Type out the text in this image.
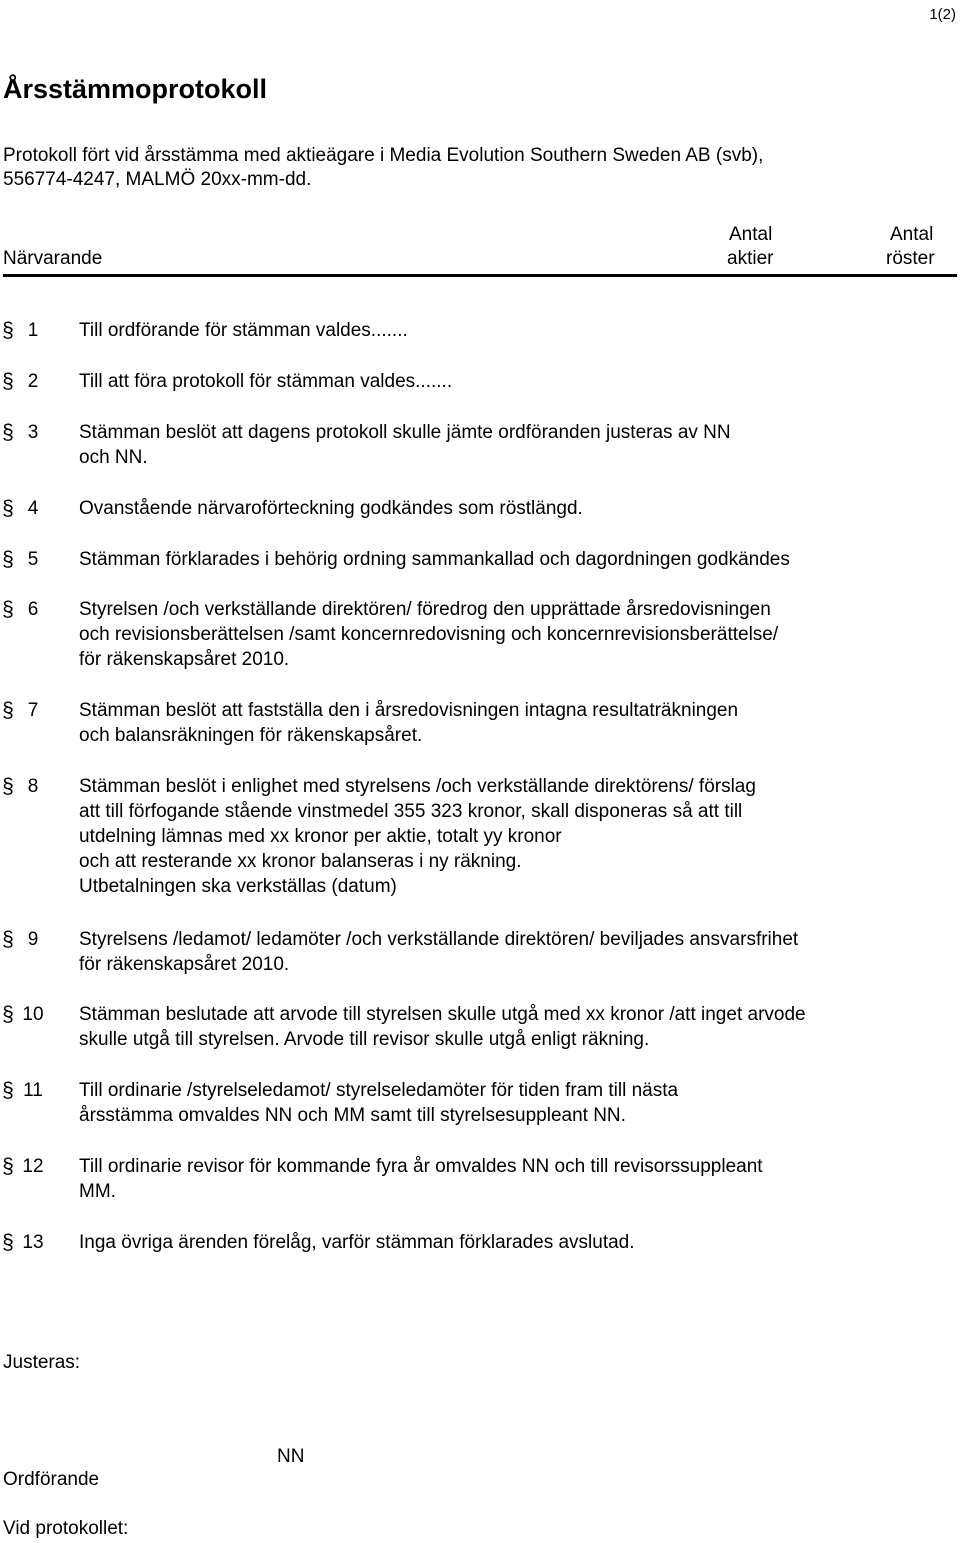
1(2)
Årsstämmoprotokoll
Protokoll fört vid årsstämma med aktieägare i Media Evolution Southern Sweden AB (svb),
556774-4247, MALMÖ 20xx-mm-dd.
Närvarande
Antal
aktier
Antal
röster
§ 1	Till ordförande för stämman valdes.......
§ 2	Till att föra protokoll för stämman valdes.......
§ 3	Stämman beslöt att dagens protokoll skulle jämte ordföranden justeras av NN
och NN.
§ 4	Ovanstående närvaroförteckning godkändes som röstlängd.
§ 5	Stämman förklarades i behörig ordning sammankallad och dagordningen godkändes
§ 6	Styrelsen /och verkställande direktören/ föredrog den upprättade årsredovisningen
och revisionsberättelsen /samt koncernredovisning och koncernrevisionsberättelse/
för räkenskapsåret 2010.
§ 7	Stämman beslöt att fastställa den i årsredovisningen intagna resultaträkningen
och balansräkningen för räkenskapsåret.
§ 8	Stämman beslöt i enlighet med styrelsens /och verkställande direktörens/ förslag
att till förfogande stående vinstmedel 355 323 kronor, skall disponeras så att till
utdelning lämnas med xx kronor per aktie, totalt yy kronor
och att resterande xx kronor balanseras i ny räkning.
Utbetalningen ska verkställas (datum)
§ 9	Styrelsens /ledamot/ ledamöter /och verkställande direktören/ beviljades ansvarsfrihet
för räkenskapsåret 2010.
§ 10	Stämman beslutade att arvode till styrelsen skulle utgå med xx kronor /att inget arvode
skulle utgå till styrelsen. Arvode till revisor skulle utgå enligt räkning.
§ 11	Till ordinarie /styrelseledamot/ styrelseledamöter för tiden fram till nästa
årsstämma omvaldes NN och MM samt till styrelsesuppleant NN.
§ 12	Till ordinarie revisor för kommande fyra år omvaldes NN och till revisorssuppleant
MM.
§ 13	Inga övriga ärenden förelåg, varför stämman förklarades avslutad.
Justeras:
NN
Ordförande
Vid protokollet:
